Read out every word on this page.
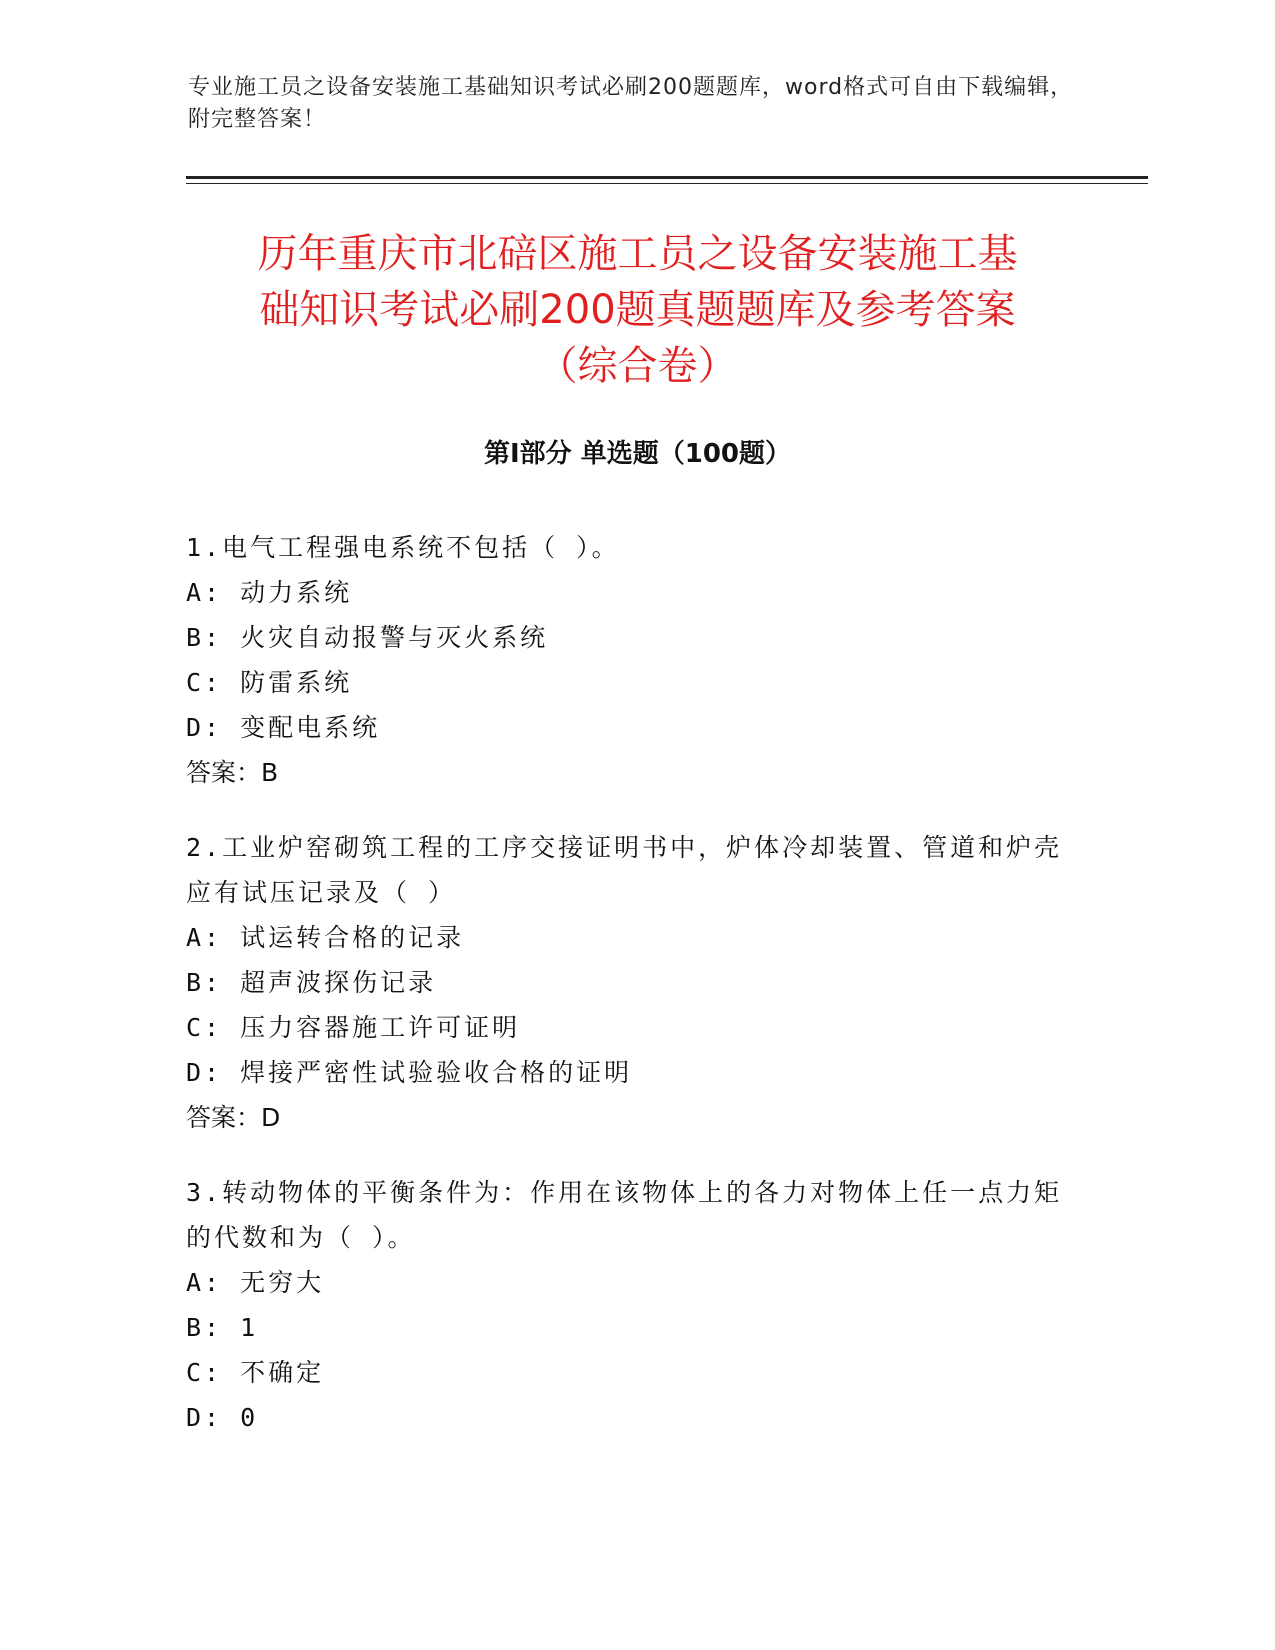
专业施工员之设备安装施工基础知识考试必刷200题题库，word格式可自由下载编辑，附完整答案！
历年重庆市北碚区施工员之设备安装施工基
础知识考试必刷200题真题题库及参考答案
（综合卷）
第Ⅰ部分 单选题（100题）
1.电气工程强电系统不包括（ ）。
A: 动力系统
B: 火灾自动报警与灭火系统
C: 防雷系统
D: 变配电系统
答案：B
2.工业炉窑砌筑工程的工序交接证明书中，炉体冷却装置、管道和炉壳应有试压记录及（ ）
A: 试运转合格的记录
B: 超声波探伤记录
C: 压力容器施工许可证明
D: 焊接严密性试验验收合格的证明
答案：D
3.转动物体的平衡条件为：作用在该物体上的各力对物体上任一点力矩的代数和为（ ）。
A: 无穷大
B: 1
C: 不确定
D: 0
